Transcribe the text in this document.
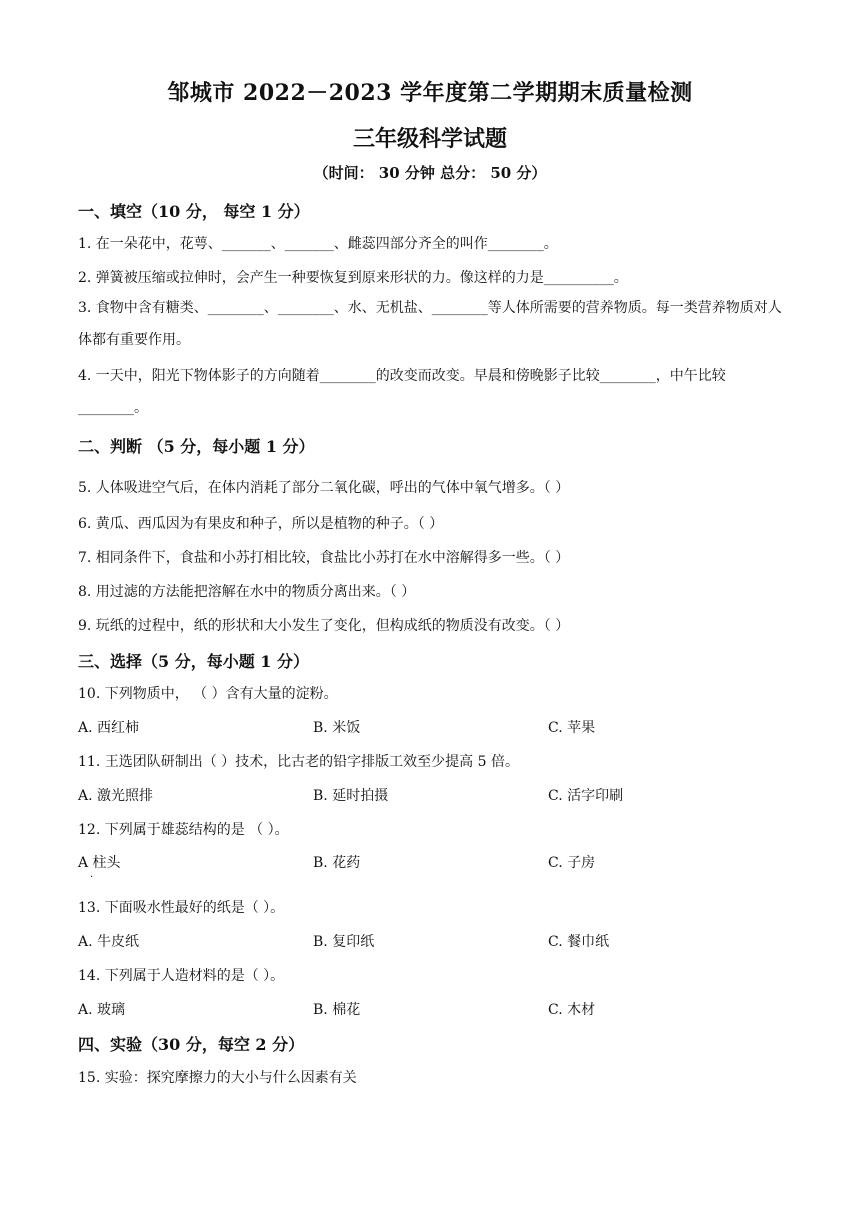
邹城市 2022－2023 学年度第二学期期末质量检测
三年级科学试题
（时间： 30 分钟 总分： 50 分）
一、填空（10 分， 每空 1 分）
1. 在一朵花中，花萼、_______、_______、雌蕊四部分齐全的叫作________。
2. 弹簧被压缩或拉伸时，会产生一种要恢复到原来形状的力。像这样的力是__________。
3. 食物中含有糖类、________、________、水、无机盐、________等人体所需要的营养物质。每一类营养物质对人体都有重要作用。
4. 一天中，阳光下物体影子的方向随着________的改变而改变。早晨和傍晚影子比较________，中午比较________。
二、判断 （5 分，每小题 1 分）
5. 人体吸进空气后，在体内消耗了部分二氧化碳，呼出的气体中氧气增多。（ ）
6. 黄瓜、西瓜因为有果皮和种子，所以是植物的种子。（ ）
7. 相同条件下，食盐和小苏打相比较，食盐比小苏打在水中溶解得多一些。（ ）
8. 用过滤的方法能把溶解在水中的物质分离出来。（ ）
9. 玩纸的过程中，纸的形状和大小发生了变化，但构成纸的物质没有改变。（ ）
三、选择（5 分，每小题 1 分）
10. 下列物质中， （ ）含有大量的淀粉。
A. 西红柿	B. 米饭	C. 苹果
11. 王选团队研制出（ ）技术，比古老的铅字排版工效至少提高 5 倍。
A. 激光照排	B. 延时拍摄	C. 活字印刷
12. 下列属于雄蕊结构的是 （ ）。
A 柱头	B. 花药	C. 子房
·
13. 下面吸水性最好的纸是（ ）。
A. 牛皮纸	B. 复印纸	C. 餐巾纸
14. 下列属于人造材料的是（ ）。
A. 玻璃	B. 棉花	C. 木材
四、实验（30 分，每空 2 分）
15. 实验：探究摩擦力的大小与什么因素有关
